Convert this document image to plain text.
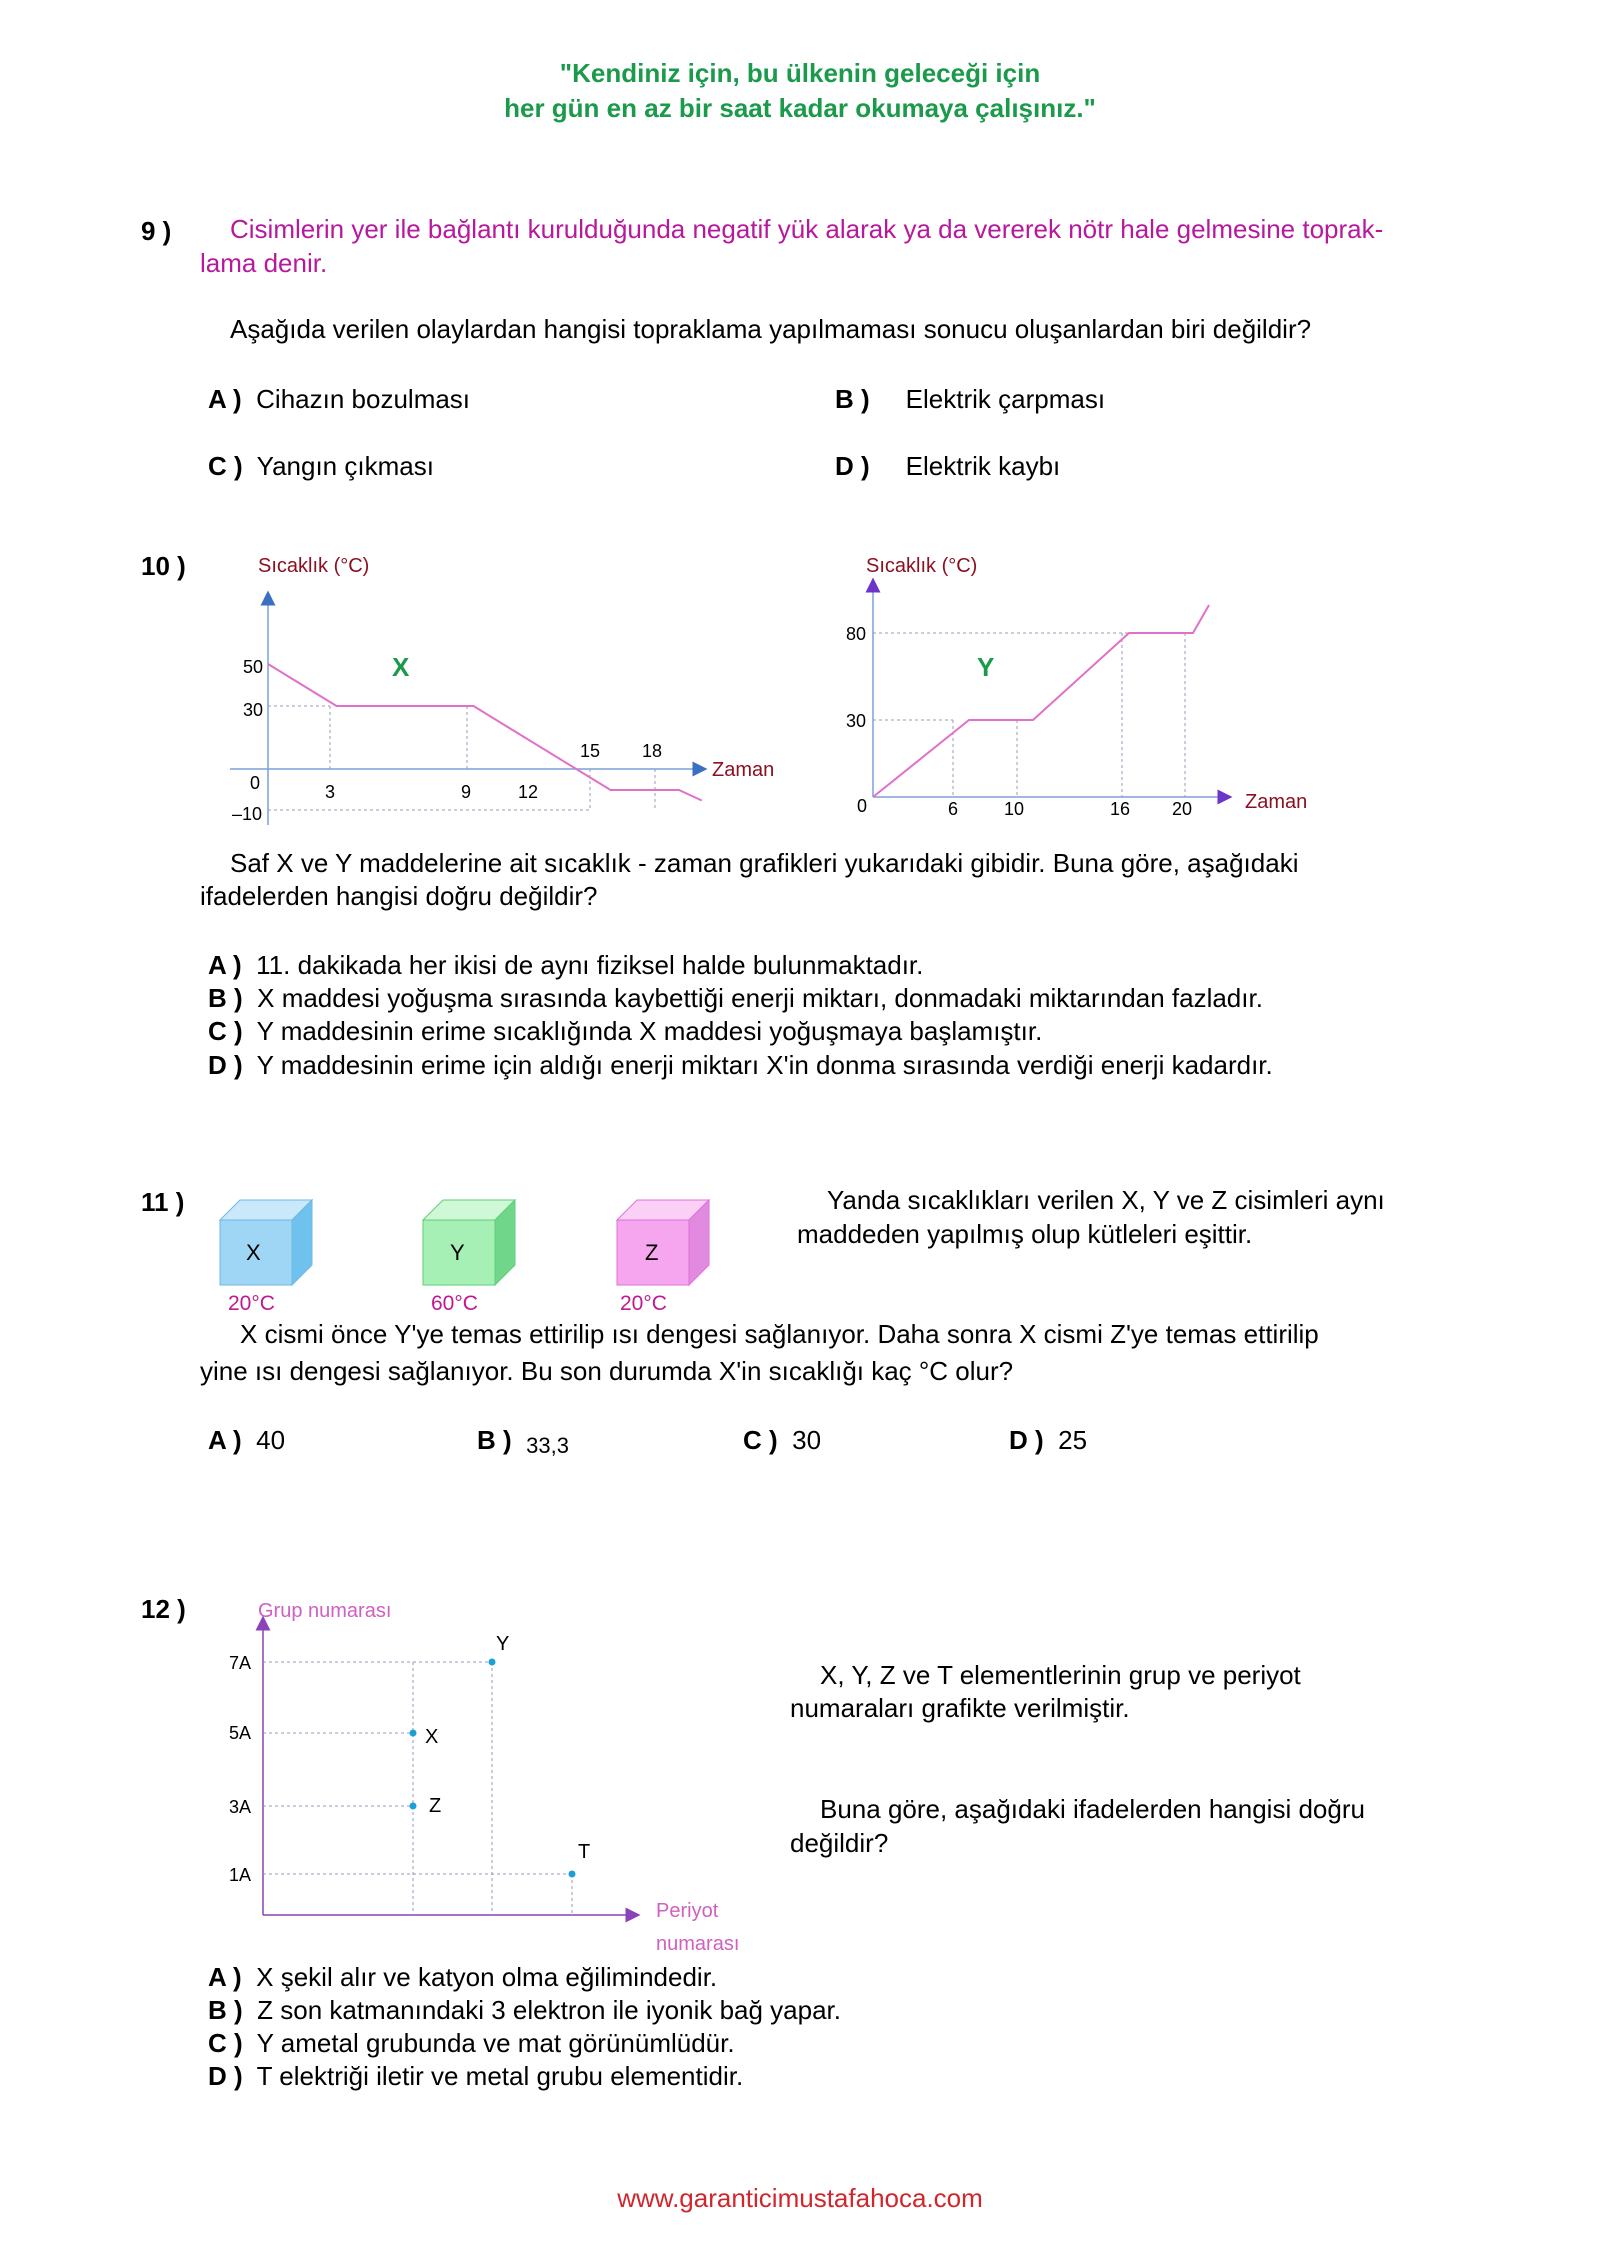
"Kendiniz için, bu ülkenin geleceği için
her gün en az bir saat kadar okumaya çalışınız."
9 ) Cisimlerin yer ile bağlantı kurulduğunda negatif yük alarak ya da vererek nötr hale gelmesine toprak-
lama denir.
Aşağıda verilen olaylardan hangisi topraklama yapılmaması sonucu oluşanlardan biri değildir?
A ) Cihazın bozulması	B ) Elektrik çarpması
C ) Yangın çıkması	D ) Elektrik kaybı
10 )	Sıcaklık (°C)
Zaman
50
30
0
–10
3	9	12
15 18
X
Sıcaklık (°C)
Zaman
80
30
0	6	10	16 20
Y
X	Y	Z
20°C	60°C	20°C
Grup numarası
Periyot
numarası
7A
5A
3A
1A
X
Z
Y
T
Saf X ve Y maddelerine ait sıcaklık - zaman grafikleri yukarıdaki gibidir. Buna göre, aşağıdaki
ifadelerden hangisi doğru değildir?
A ) 11. dakikada her ikisi de aynı fiziksel halde bulunmaktadır.
B ) X maddesi yoğuşma sırasında kaybettiği enerji miktarı, donmadaki miktarından fazladır.
C ) Y maddesinin erime sıcaklığında X maddesi yoğuşmaya başlamıştır.
D ) Y maddesinin erime için aldığı enerji miktarı X'in donma sırasında verdiği enerji kadardır.
11 )	Yanda sıcaklıkları verilen X, Y ve Z cisimleri aynı
maddeden yapılmış olup kütleleri eşittir.
X cismi önce Y'ye temas ettirilip ısı dengesi sağlanıyor. Daha sonra X cismi Z'ye temas ettirilip
yine ısı dengesi sağlanıyor. Bu son durumda X'in sıcaklığı kaç °C olur?
A ) 40	B ) 33,3	C ) 30	D ) 25
12 )
X, Y, Z ve T elementlerinin grup ve periyot
numaraları grafikte verilmiştir.
Buna göre, aşağıdaki ifadelerden hangisi doğru
değildir?
A ) X şekil alır ve katyon olma eğilimindedir.
B ) Z son katmanındaki 3 elektron ile iyonik bağ yapar.
C ) Y ametal grubunda ve mat görünümlüdür.
D ) T elektriği iletir ve metal grubu elementidir.
www.garanticimustafahoca.com
